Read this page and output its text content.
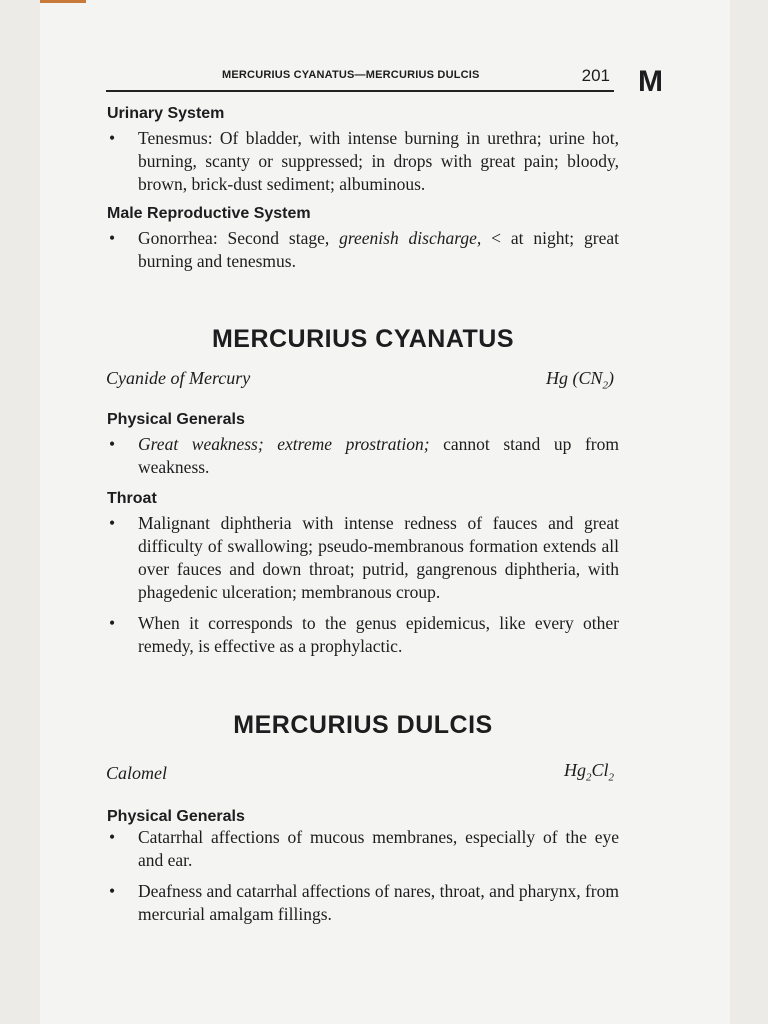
MERCURIUS CYANATUS—MERCURIUS DULCIS	201 M
Urinary System
• Tenesmus: Of bladder, with intense burning in urethra; urine hot, burning, scanty or suppressed; in drops with great pain; bloody, brown, brick-dust sediment; albuminous.
Male Reproductive System
• Gonorrhea: Second stage, greenish discharge, < at night; great burning and tenesmus.
MERCURIUS CYANATUS
Cyanide of Mercury	Hg $(CN_2)$
Physical Generals
• Great weakness; extreme prostration; cannot stand up from weakness.
Throat
• Malignant diphtheria with intense redness of fauces and great difficulty of swallowing; pseudo-membranous formation extends all over fauces and down throat; putrid, gangrenous diphtheria, with phagedenic ulceration; membranous croup.
• When it corresponds to the genus epidemicus, like every other remedy, is effective as a prophylactic.
MERCURIUS DULCIS
Calomel	$Hg_2Cl_2$
Physical Generals
• Catarrhal affections of mucous membranes, especially of the eye and ear.
• Deafness and catarrhal affections of nares, throat, and pharynx, from mercurial amalgam fillings.
